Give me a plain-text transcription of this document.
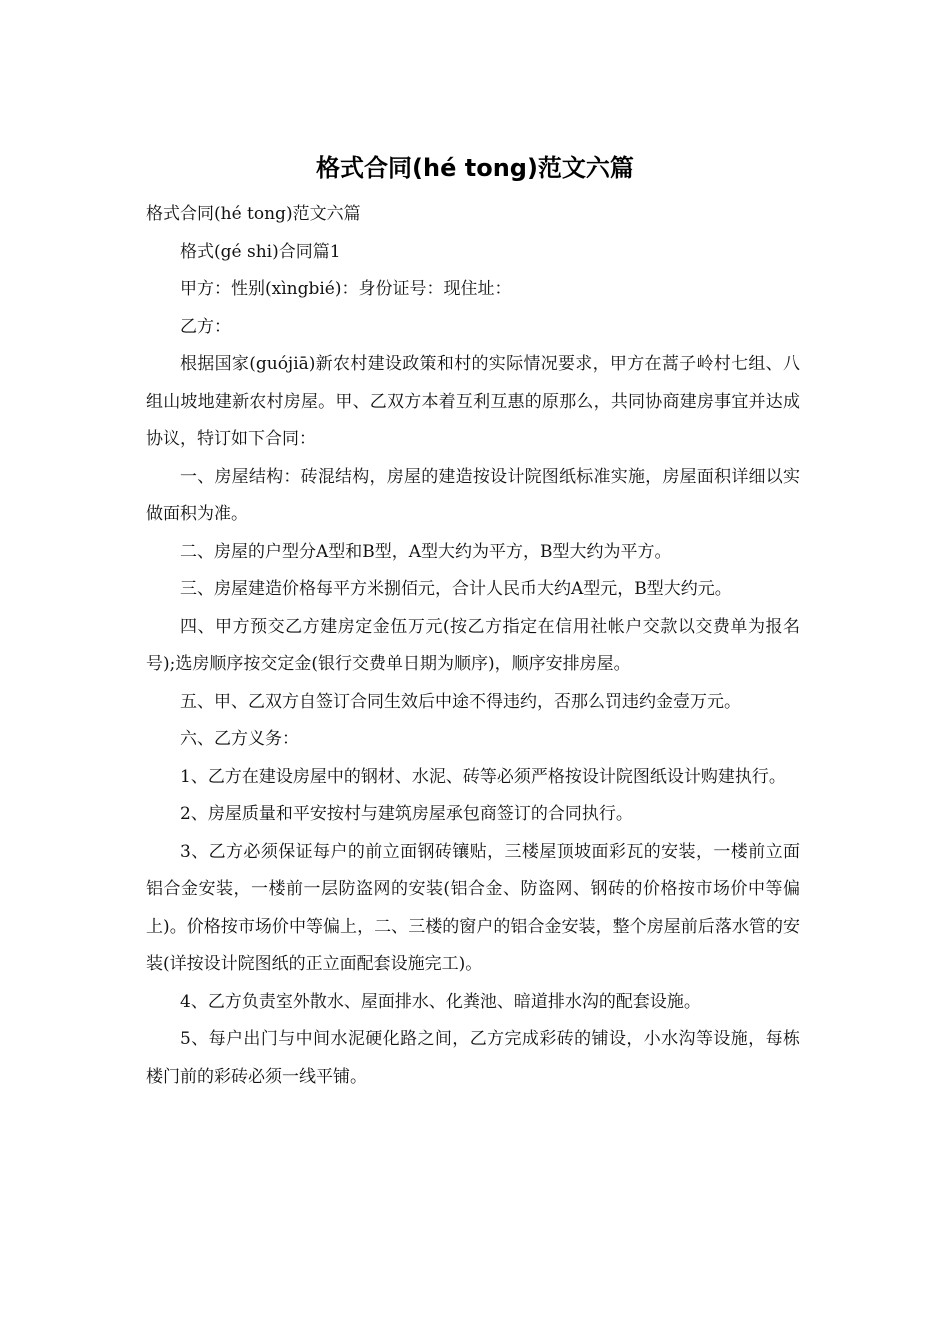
格式合同(hé tong)范文六篇

格式合同(hé tong)范文六篇

格式(gé shi)合同篇1

甲方：性别(xìngbié)：身份证号：现住址：

乙方：

根据国家(guójiā)新农村建设政策和村的实际情况要求，甲方在蒿子岭村七组、八组山坡地建新农村房屋。甲、乙双方本着互利互惠的原那么，共同协商建房事宜并达成协议，特订如下合同：

一、房屋结构：砖混结构，房屋的建造按设计院图纸标准实施，房屋面积详细以实做面积为准。

二、房屋的户型分A型和B型，A型大约为平方，B型大约为平方。

三、房屋建造价格每平方米捌佰元，合计人民币大约A型元，B型大约元。

四、甲方预交乙方建房定金伍万元(按乙方指定在信用社帐户交款以交费单为报名号);选房顺序按交定金(银行交费单日期为顺序)，顺序安排房屋。

五、甲、乙双方自签订合同生效后中途不得违约，否那么罚违约金壹万元。

六、乙方义务：

1、乙方在建设房屋中的钢材、水泥、砖等必须严格按设计院图纸设计购建执行。

2、房屋质量和平安按村与建筑房屋承包商签订的合同执行。

3、乙方必须保证每户的前立面钢砖镶贴，三楼屋顶坡面彩瓦的安装，一楼前立面铝合金安装，一楼前一层防盗网的安装(铝合金、防盗网、钢砖的价格按市场价中等偏上)。价格按市场价中等偏上，二、三楼的窗户的铝合金安装，整个房屋前后落水管的安装(详按设计院图纸的正立面配套设施完工)。

4、乙方负责室外散水、屋面排水、化粪池、暗道排水沟的配套设施。

5、每户出门与中间水泥硬化路之间，乙方完成彩砖的铺设，小水沟等设施，每栋楼门前的彩砖必须一线平铺。
